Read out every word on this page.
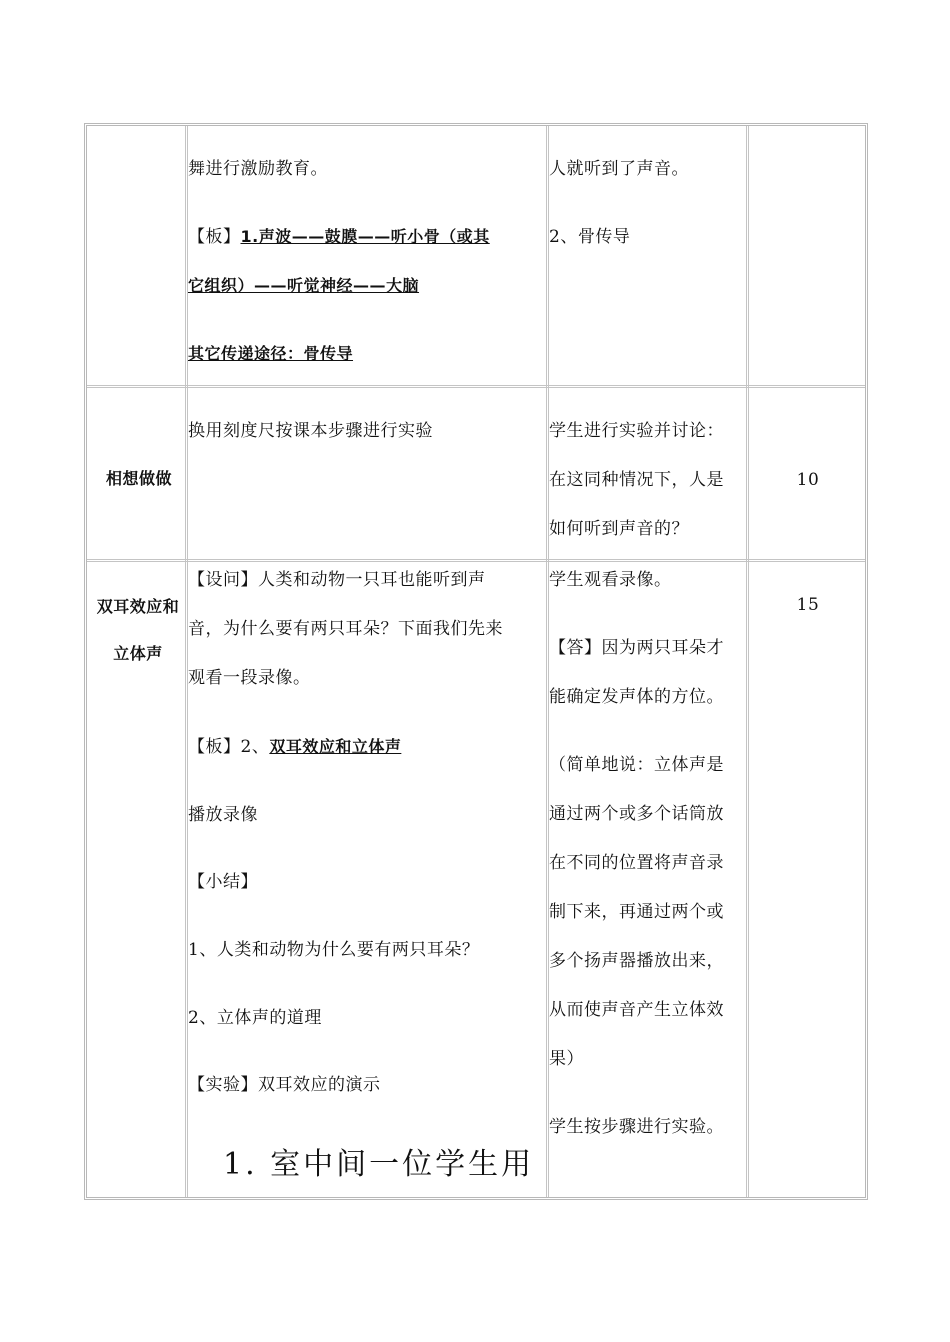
舞进行激励教育。
【板】1.声波——鼓膜——听小骨（或其
它组织）——听觉神经——大脑
其它传递途径：骨传导
人就听到了声音。
2、骨传导
相想做做
换用刻度尺按课本步骤进行实验	学生进行实验并讨论：
在这同种情况下，人是
如何听到声音的？
10
双耳效应和
立体声
【设问】人类和动物一只耳也能听到声
音，为什么要有两只耳朵？下面我们先来
观看一段录像。
【板】2、双耳效应和立体声
播放录像
【小结】
1、人类和动物为什么要有两只耳朵？
2、立体声的道理
【实验】双耳效应的演示
1. 室中间一位学生用
学生观看录像。
【答】因为两只耳朵才
能确定发声体的方位。
（简单地说：立体声是
通过两个或多个话筒放
在不同的位置将声音录
制下来，再通过两个或
多个扬声器播放出来，
从而使声音产生立体效
果）
学生按步骤进行实验。
15
